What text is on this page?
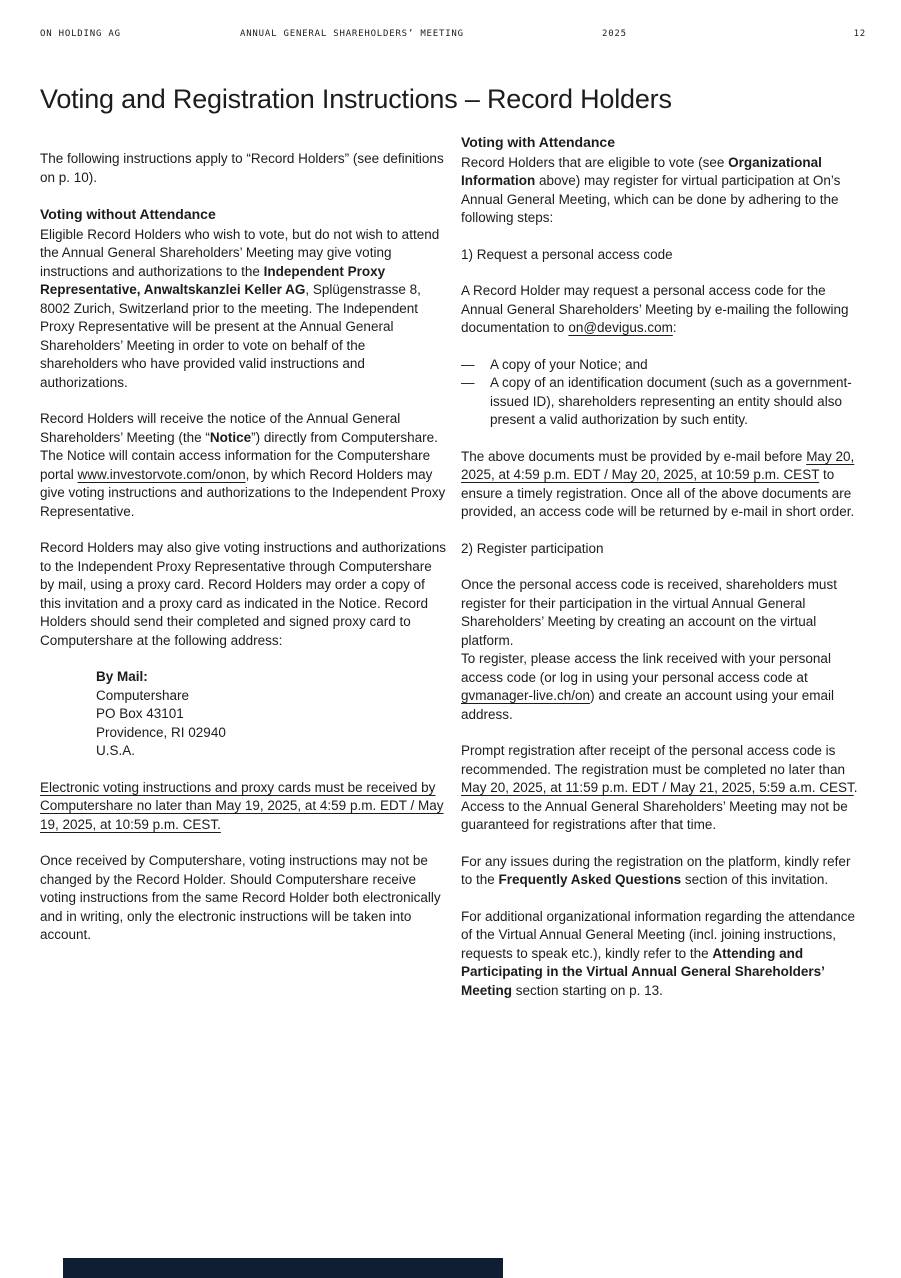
ON HOLDING AG	ANNUAL GENERAL SHAREHOLDERS’ MEETING	2025	12
Voting and Registration Instructions – Record Holders

The following instructions apply to “Record Holders” (see definitions on p. 10).

Voting without Attendance

Eligible Record Holders who wish to vote, but do not wish to attend the Annual General Shareholders’ Meeting may give voting instructions and authorizations to the Independent Proxy Representative, Anwaltskanzlei Keller AG, Splügenstrasse 8, 8002 Zurich, Switzerland prior to the meeting. The Independent Proxy Representative will be present at the Annual General Shareholders’ Meeting in order to vote on behalf of the shareholders who have provided valid instructions and authorizations.

Record Holders will receive the notice of the Annual General Shareholders’ Meeting (the “Notice”) directly from Computershare. The Notice will contain access information for the Computershare portal www.investorvote.com/onon, by which Record Holders may give voting instructions and authorizations to the Independent Proxy Representative.

Record Holders may also give voting instructions and authorizations to the Independent Proxy Representative through Computershare by mail, using a proxy card. Record Holders may order a copy of this invitation and a proxy card as indicated in the Notice. Record Holders should send their completed and signed proxy card to Computershare at the following address:

By Mail:
Computershare
PO Box 43101
Providence, RI 02940
U.S.A.

Electronic voting instructions and proxy cards must be received by Computershare no later than May 19, 2025, at 4:59 p.m. EDT / May 19, 2025, at 10:59 p.m. CEST.

Once received by Computershare, voting instructions may not be changed by the Record Holder. Should Computershare receive voting instructions from the same Record Holder both electronically and in writing, only the electronic instructions will be taken into account.

Voting with Attendance

Record Holders that are eligible to vote (see Organizational Information above) may register for virtual participation at On’s Annual General Meeting, which can be done by adhering to the following steps:

1) Request a personal access code

A Record Holder may request a personal access code for the Annual General Shareholders’ Meeting by e-mailing the following documentation to on@devigus.com:

—	A copy of your Notice; and
—	A copy of an identification document (such as a government-issued ID), shareholders representing an entity should also present a valid authorization by such entity.

The above documents must be provided by e-mail before May 20, 2025, at 4:59 p.m. EDT / May 20, 2025, at 10:59 p.m. CEST to ensure a timely registration. Once all of the above documents are provided, an access code will be returned by e-mail in short order.

2) Register participation

Once the personal access code is received, shareholders must register for their participation in the virtual Annual General Shareholders’ Meeting by creating an account on the virtual platform.
To register, please access the link received with your personal access code (or log in using your personal access code at gvmanager-live.ch/on) and create an account using your email address.

Prompt registration after receipt of the personal access code is recommended. The registration must be completed no later than May 20, 2025, at 11:59 p.m. EDT / May 21, 2025, 5:59 a.m. CEST. Access to the Annual General Shareholders’ Meeting may not be guaranteed for registrations after that time.

For any issues during the registration on the platform, kindly refer to the Frequently Asked Questions section of this invitation.

For additional organizational information regarding the attendance of the Virtual Annual General Meeting (incl. joining instructions, requests to speak etc.), kindly refer to the Attending and Participating in the Virtual Annual General Shareholders’ Meeting section starting on p. 13.
